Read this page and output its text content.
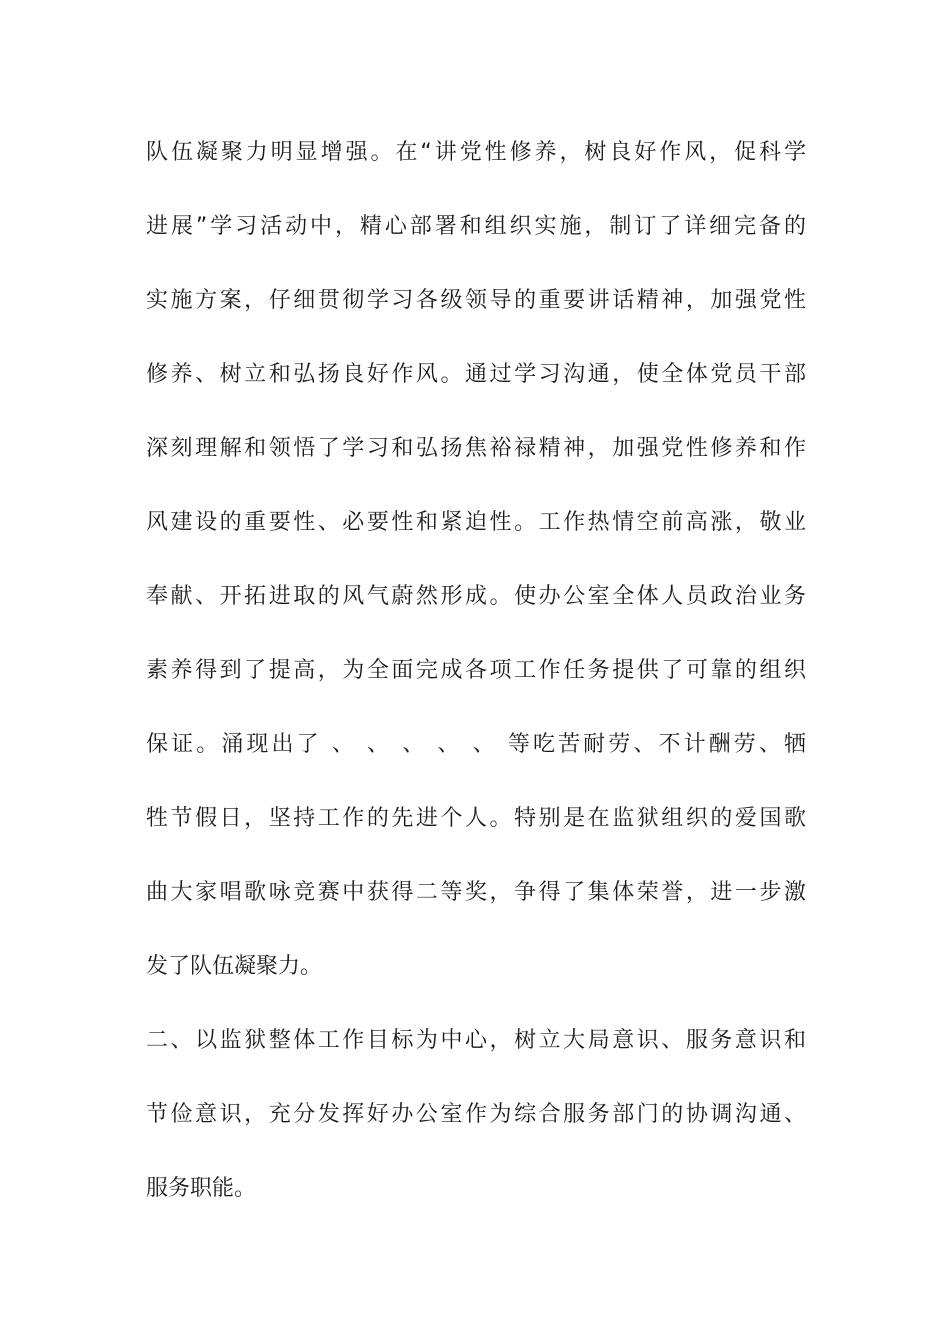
队伍凝聚力明显增强。在“讲党性修养，树良好作风，促科学
进展”学习活动中，精心部署和组织实施，制订了详细完备的
实施方案，仔细贯彻学习各级领导的重要讲话精神，加强党性
修养、树立和弘扬良好作风。通过学习沟通，使全体党员干部
深刻理解和领悟了学习和弘扬焦裕禄精神，加强党性修养和作
风建设的重要性、必要性和紧迫性。工作热情空前高涨，敬业
奉献、开拓进取的风气蔚然形成。使办公室全体人员政治业务
素养得到了提高，为全面完成各项工作任务提供了可靠的组织
保证。涌现出了 、 、 、 、 、 等吃苦耐劳、不计酬劳、牺
牲节假日，坚持工作的先进个人。特别是在监狱组织的爱国歌
曲大家唱歌咏竞赛中获得二等奖，争得了集体荣誉，进一步激
发了队伍凝聚力。
二、以监狱整体工作目标为中心，树立大局意识、服务意识和
节俭意识，充分发挥好办公室作为综合服务部门的协调沟通、
服务职能。
